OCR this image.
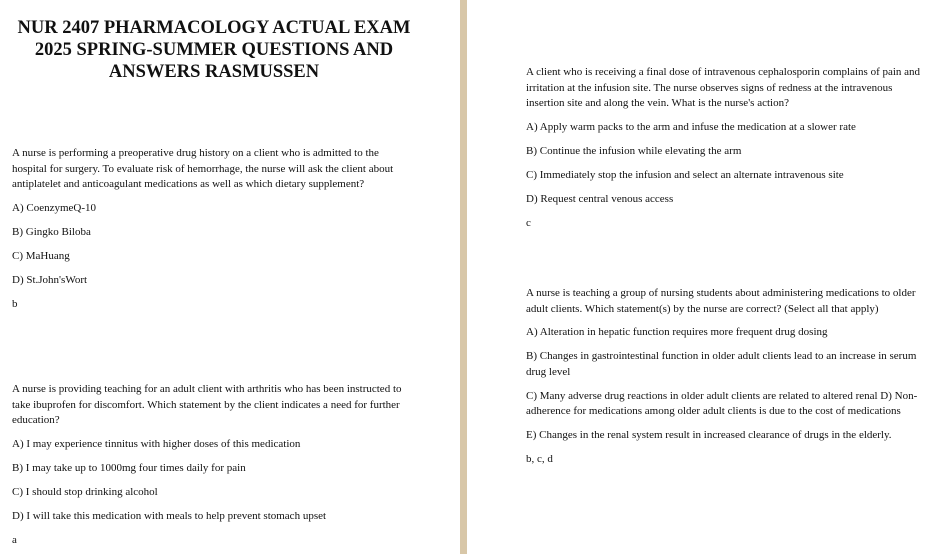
NUR 2407 PHARMACOLOGY ACTUAL EXAM
2025 SPRING-SUMMER QUESTIONS AND
ANSWERS RASMUSSEN

A nurse is performing a preoperative drug history on a client who is admitted to the hospital for surgery. To evaluate risk of hemorrhage, the nurse will ask the client about antiplatelet and anticoagulant medications as well as which dietary supplement?

A) CoenzymeQ-10

B) Gingko Biloba

C) MaHuang

D) St.John'sWort

b

A nurse is providing teaching for an adult client with arthritis who has been instructed to take ibuprofen for discomfort. Which statement by the client indicates a need for further education?

A) I may experience tinnitus with higher doses of this medication

B) I may take up to 1000mg four times daily for pain

C) I should stop drinking alcohol

D) I will take this medication with meals to help prevent stomach upset

a

A client who is receiving a final dose of intravenous cephalosporin complains of pain and irritation at the infusion site. The nurse observes signs of redness at the intravenous insertion site and along the vein. What is the nurse's action?

A) Apply warm packs to the arm and infuse the medication at a slower rate

B) Continue the infusion while elevating the arm

C) Immediately stop the infusion and select an alternate intravenous site

D) Request central venous access

c

A nurse is teaching a group of nursing students about administering medications to older adult clients. Which statement(s) by the nurse are correct? (Select all that apply)

A) Alteration in hepatic function requires more frequent drug dosing

B) Changes in gastrointestinal function in older adult clients lead to an increase in serum drug level

C) Many adverse drug reactions in older adult clients are related to altered renal D) Non-adherence for medications among older adult clients is due to the cost of medications

E) Changes in the renal system result in increased clearance of drugs in the elderly.

b, c, d
